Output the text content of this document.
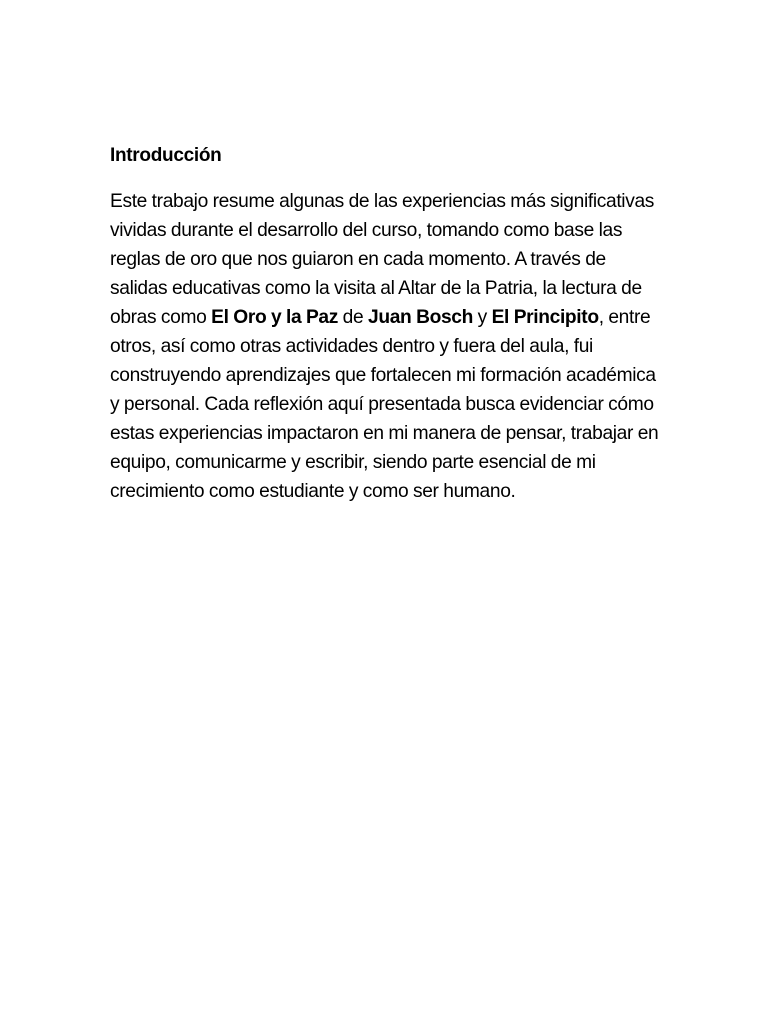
Introducción

Este trabajo resume algunas de las experiencias más significativas vividas durante el desarrollo del curso, tomando como base las reglas de oro que nos guiaron en cada momento. A través de salidas educativas como la visita al Altar de la Patria, la lectura de obras como El Oro y la Paz de Juan Bosch y El Principito, entre otros, así como otras actividades dentro y fuera del aula, fui construyendo aprendizajes que fortalecen mi formación académica y personal. Cada reflexión aquí presentada busca evidenciar cómo estas experiencias impactaron en mi manera de pensar, trabajar en equipo, comunicarme y escribir, siendo parte esencial de mi crecimiento como estudiante y como ser humano.
